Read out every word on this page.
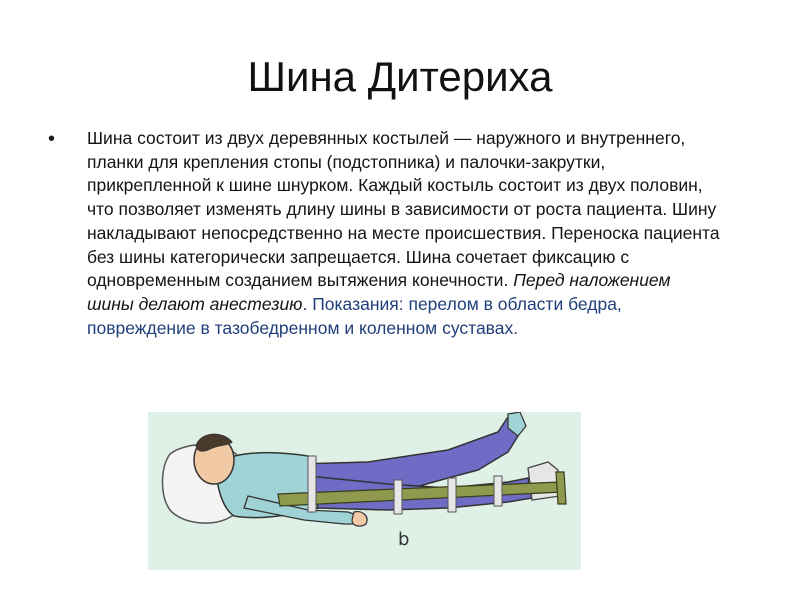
Шина Дитериха
• Шина состоит из двух деревянных костылей — наружного и внутреннего, планки для крепления стопы (подстопника) и палочки-закрутки, прикрепленной к шине шнурком. Каждый костыль состоит из двух половин, что позволяет изменять длину шины в зависимости от роста пациента. Шину накладывают непосредственно на месте происшествия. Переноска пациента без шины категорически запрещается. Шина сочетает фиксацию с одновременным созданием вытяжения конечности. Перед наложением шины делают анестезию. Показания: перелом в области бедра, повреждение в тазобедренном и коленном суставах.
b
